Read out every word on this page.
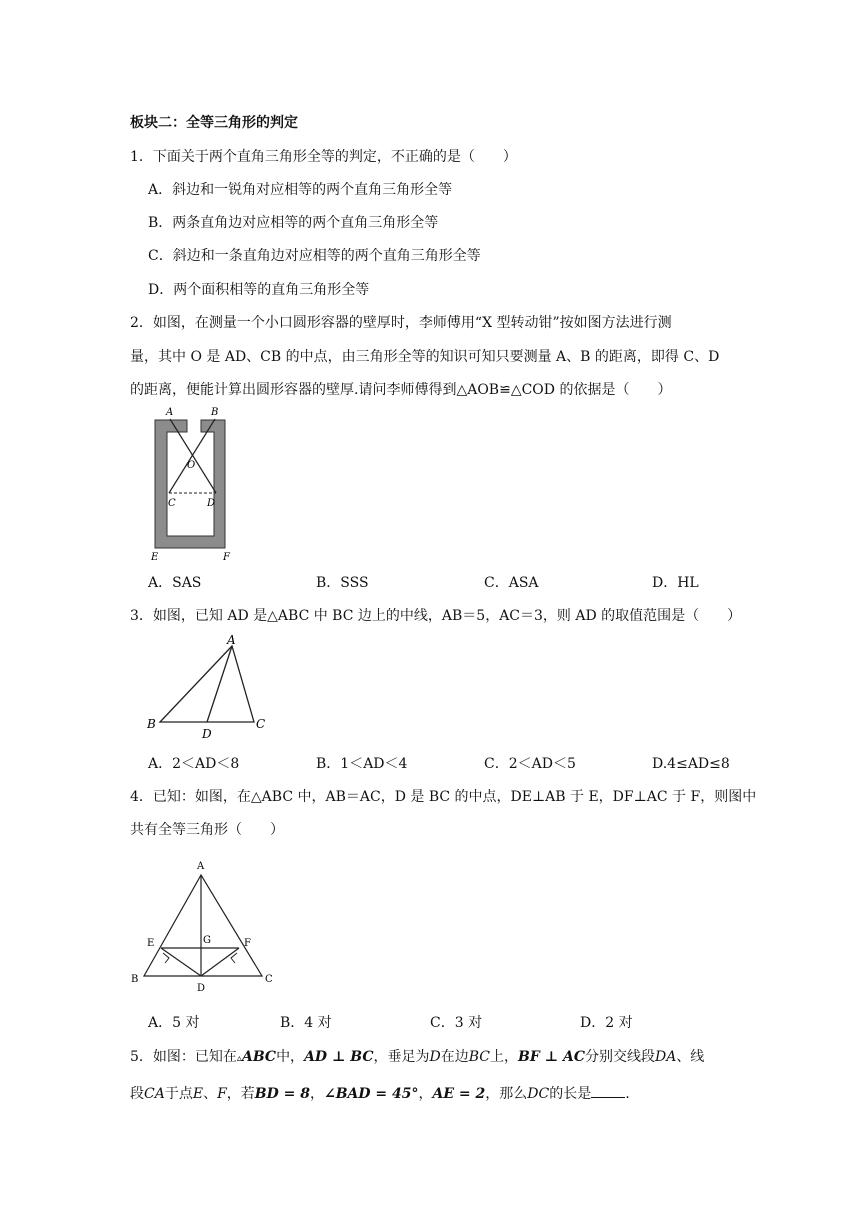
板块二：全等三角形的判定
1．下面关于两个直角三角形全等的判定，不正确的是（　　）
A．斜边和一锐角对应相等的两个直角三角形全等
B．两条直角边对应相等的两个直角三角形全等
C．斜边和一条直角边对应相等的两个直角三角形全等
D．两个面积相等的直角三角形全等
2．如图，在测量一个小口圆形容器的壁厚时，李师傅用“X 型转动钳”按如图方法进行测
量，其中 O 是 AD、CB 的中点，由三角形全等的知识可知只要测量 A、B 的距离，即得 C、D
的距离，便能计算出圆形容器的壁厚.请问李师傅得到△AOB≌△COD 的依据是（　　）
A	B
O
C	D
E	F
A．SAS	B．SSS	C．ASA	D．HL
3．如图，已知 AD 是△ABC 中 BC 边上的中线，AB＝5，AC＝3，则 AD 的取值范围是（　　）
A
B	C
D
A．2＜AD＜8	B．1＜AD＜4	C．2＜AD＜5	D.4≤AD≤8
4．已知：如图，在△ABC 中，AB＝AC，D 是 BC 的中点，DE⊥AB 于 E，DF⊥AC 于 F，则图中
共有全等三角形（　　）
A
B	C
D
E	F
G
A．5 对	B．4 对	C．3 对	D．2 对
5．如图：已知在▵ABC中，AD ⊥ BC，垂足为D在边BC上，BF ⊥ AC分别交线段DA、线
段CA于点E、F，若BD = 8，∠BAD = 45°，AE = 2，那么DC的长是 .
